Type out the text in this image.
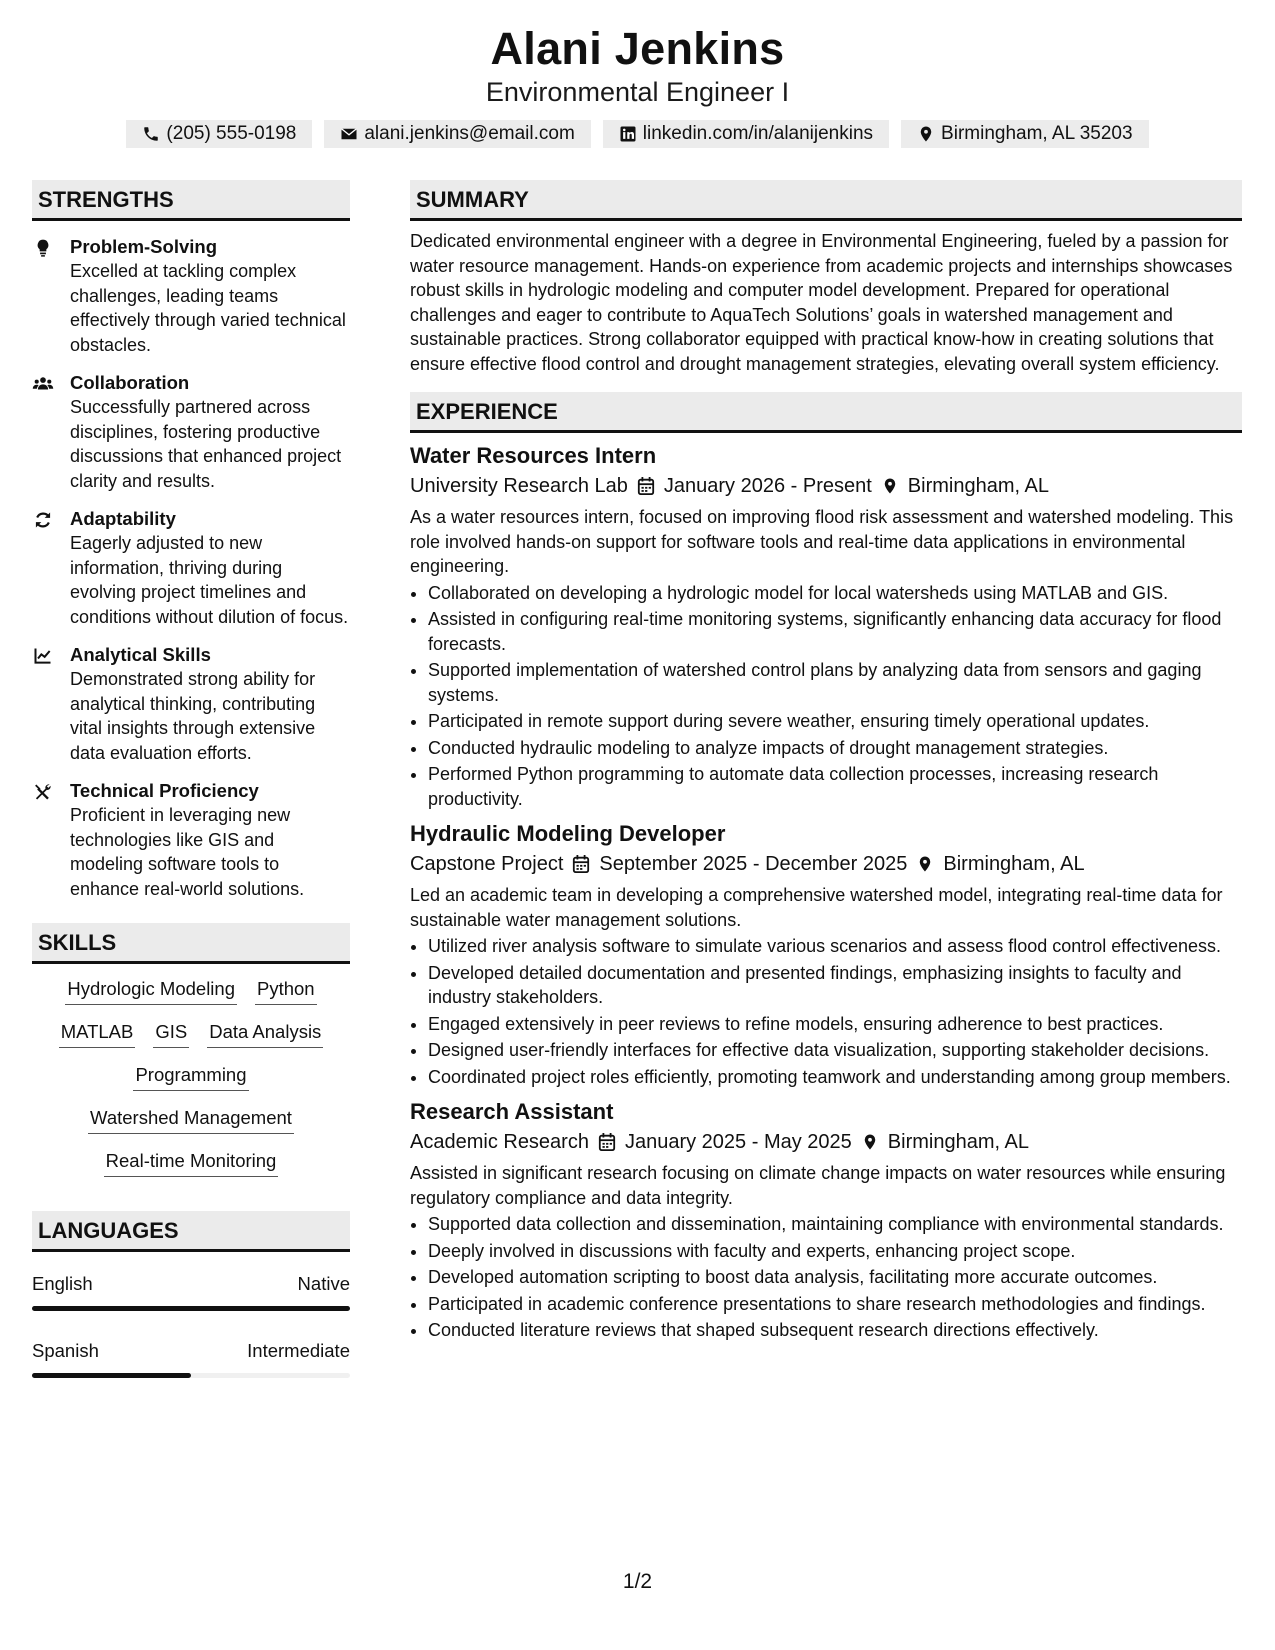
Alani Jenkins
Environmental Engineer I
(205) 555-0198	alani.jenkins@email.com	linkedin.com/in/alanijenkins	Birmingham, AL 35203
STRENGTHS
Problem-Solving
Excelled at tackling complex challenges, leading teams effectively through varied technical obstacles.
Collaboration
Successfully partnered across disciplines, fostering productive discussions that enhanced project clarity and results.
Adaptability
Eagerly adjusted to new information, thriving during evolving project timelines and conditions without dilution of focus.
Analytical Skills
Demonstrated strong ability for analytical thinking, contributing vital insights through extensive data evaluation efforts.
Technical Proficiency
Proficient in leveraging new technologies like GIS and modeling software tools to enhance real-world solutions.
SKILLS
Hydrologic Modeling Python
MATLAB GIS Data Analysis
Programming
Watershed Management
Real-time Monitoring
LANGUAGES
English	Native
Spanish	Intermediate
SUMMARY
Dedicated environmental engineer with a degree in Environmental Engineering, fueled by a passion for water resource management. Hands-on experience from academic projects and internships showcases robust skills in hydrologic modeling and computer model development. Prepared for operational challenges and eager to contribute to AquaTech Solutions’ goals in watershed management and sustainable practices. Strong collaborator equipped with practical know-how in creating solutions that ensure effective flood control and drought management strategies, elevating overall system efficiency.
EXPERIENCE
Water Resources Intern
University Research Lab January 2026 - Present Birmingham, AL
As a water resources intern, focused on improving flood risk assessment and watershed modeling. This role involved hands-on support for software tools and real-time data applications in environmental engineering.
• Collaborated on developing a hydrologic model for local watersheds using MATLAB and GIS.
• Assisted in configuring real-time monitoring systems, significantly enhancing data accuracy for flood forecasts.
• Supported implementation of watershed control plans by analyzing data from sensors and gaging systems.
• Participated in remote support during severe weather, ensuring timely operational updates.
• Conducted hydraulic modeling to analyze impacts of drought management strategies.
• Performed Python programming to automate data collection processes, increasing research productivity.
Hydraulic Modeling Developer
Capstone Project September 2025 - December 2025 Birmingham, AL
Led an academic team in developing a comprehensive watershed model, integrating real-time data for sustainable water management solutions.
• Utilized river analysis software to simulate various scenarios and assess flood control effectiveness.
• Developed detailed documentation and presented findings, emphasizing insights to faculty and industry stakeholders.
• Engaged extensively in peer reviews to refine models, ensuring adherence to best practices.
• Designed user-friendly interfaces for effective data visualization, supporting stakeholder decisions.
• Coordinated project roles efficiently, promoting teamwork and understanding among group members.
Research Assistant
Academic Research January 2025 - May 2025 Birmingham, AL
Assisted in significant research focusing on climate change impacts on water resources while ensuring regulatory compliance and data integrity.
• Supported data collection and dissemination, maintaining compliance with environmental standards.
• Deeply involved in discussions with faculty and experts, enhancing project scope.
• Developed automation scripting to boost data analysis, facilitating more accurate outcomes.
• Participated in academic conference presentations to share research methodologies and findings.
• Conducted literature reviews that shaped subsequent research directions effectively.
1/2
